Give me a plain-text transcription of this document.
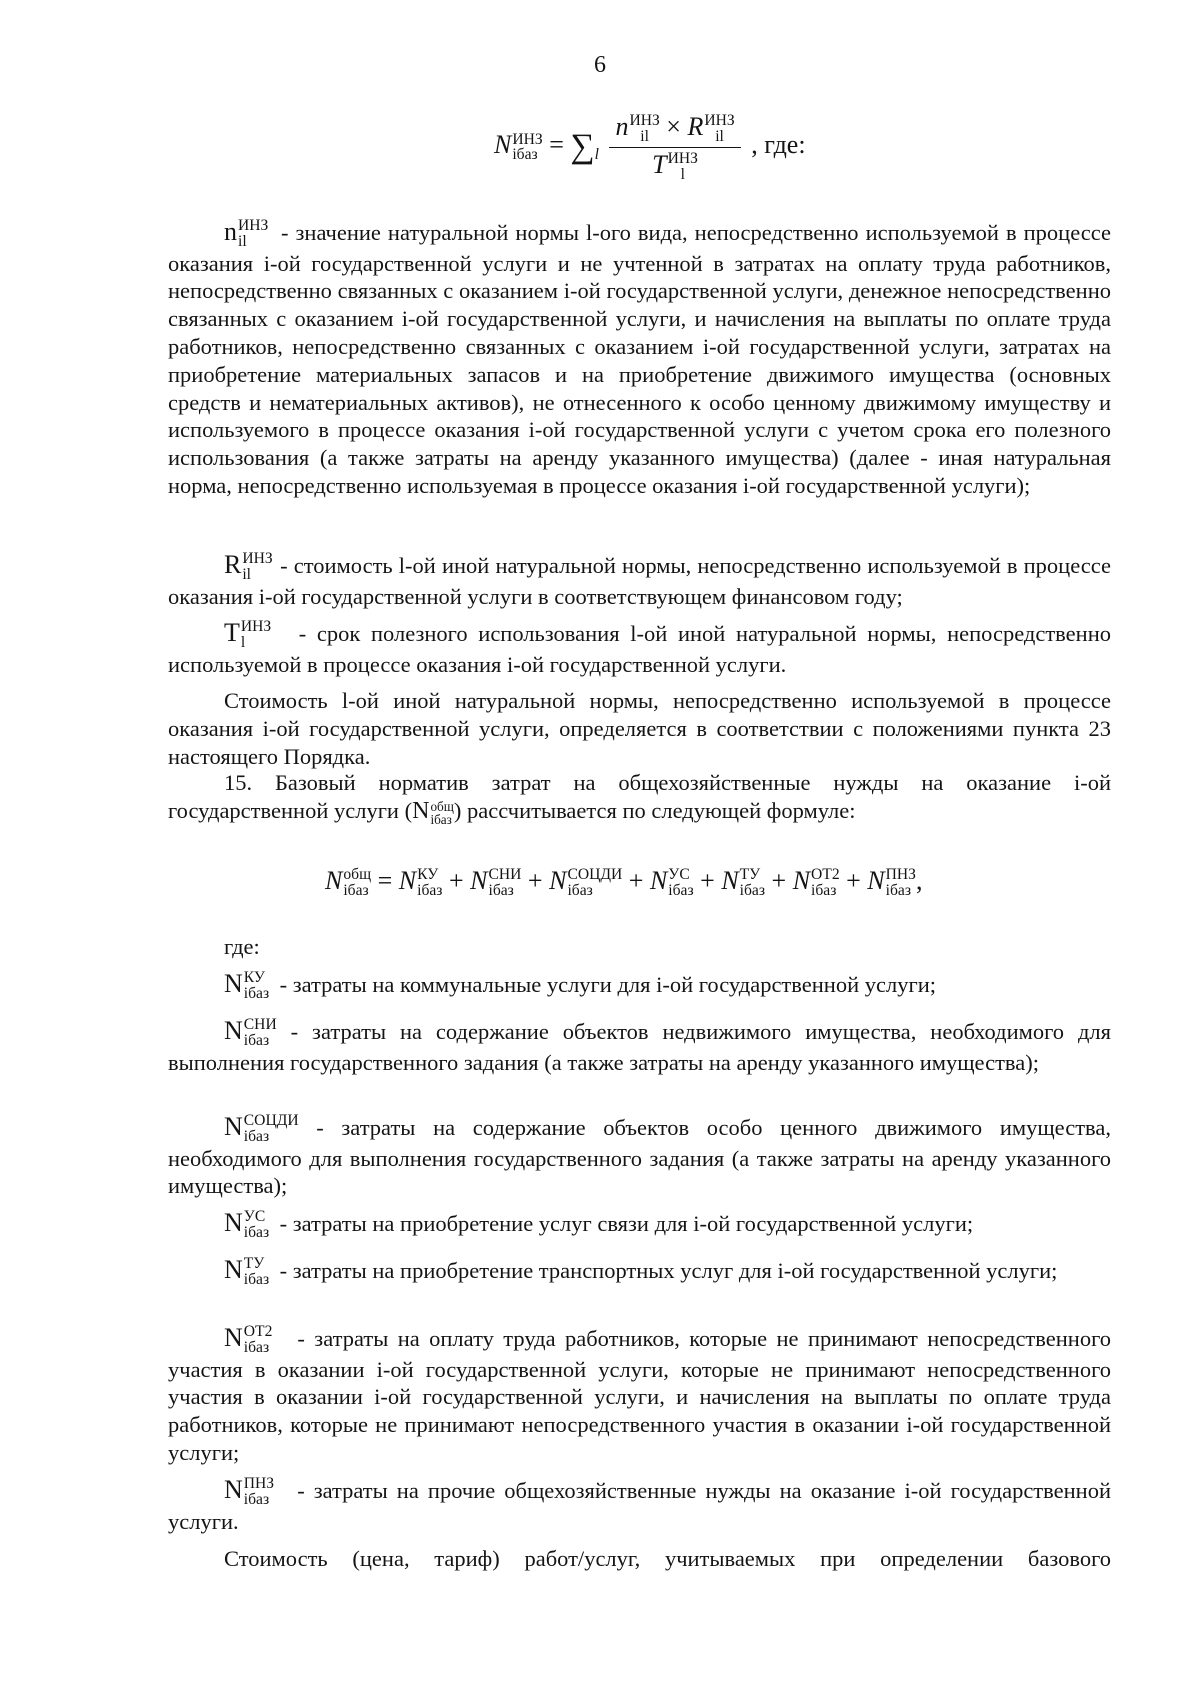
6
N ИНЗ
iбаз = $\sum_l$ n ИНЗ
il × R ИНЗ
il
T ИНЗ
l , где:
n ИНЗ
il	- значение натуральной нормы l-ого вида, непосредственно используемой в процессе оказания i-ой государственной услуги и не учтенной в затратах на оплату труда работников, непосредственно связанных с оказанием i-ой государственной услуги, денежное непосредственно связанных с оказанием i-ой государственной услуги, и начисления на выплаты по оплате труда работников, непосредственно связанных с оказанием i-ой государственной услуги, затратах на приобретение материальных запасов и на приобретение движимого имущества (основных средств и нематериальных активов), не отнесенного к особо ценному движимому имуществу и используемого в процессе оказания i-ой государственной услуги с учетом срока его полезного использования (а также затраты на аренду указанного имущества) (далее - иная натуральная норма, непосредственно используемая в процессе оказания i-ой государственной услуги);
R ИНЗ
il	- стоимость l-ой иной натуральной нормы, непосредственно используемой в процессе оказания i-ой государственной услуги в соответствующем финансовом году;
T ИНЗ
l	- срок полезного использования l-ой иной натуральной нормы, непосредственно используемой в процессе оказания i-ой государственной услуги.
Стоимость l-ой иной натуральной нормы, непосредственно используемой в процессе оказания i-ой государственной услуги, определяется в соответствии с положениями пункта 23 настоящего Порядка.
15. Базовый норматив затрат на общехозяйственные нужды на оказание i-ой государственной услуги (N общ
iбаз ) рассчитывается по следующей формуле:
N общ
iбаз = N КУ
iбаз + N СНИ
iбаз + N СОЦДИ
iбаз	+ N УС
iбаз + N ТУ
iбаз + N ОТ2
iбаз + N ПНЗ
iбаз ,
где:
N КУ
iбаз - затраты на коммунальные услуги для i-ой государственной услуги;
N СНИ
iбаз - затраты на содержание объектов недвижимого имущества, необходимого для выполнения государственного задания (а также затраты на аренду указанного имущества);
N СОЦДИ
iбаз	- затраты на содержание объектов особо ценного движимого имущества, необходимого для выполнения государственного задания (а также затраты на аренду указанного имущества);
N УС
iбаз - затраты на приобретение услуг связи для i-ой государственной услуги;
N ТУ
iбаз - затраты на приобретение транспортных услуг для i-ой государственной услуги;
N ОТ2
iбаз - затраты на оплату труда работников, которые не принимают непосредственного участия в оказании i-ой государственной услуги, которые не принимают непосредственного участия в оказании i-ой государственной услуги, и начисления на выплаты по оплате труда работников, которые не принимают непосредственного участия в оказании i-ой государственной услуги;
N ПНЗ
iбаз - затраты на прочие общехозяйственные нужды на оказание i-ой государственной услуги.
Стоимость (цена, тариф) работ/услуг, учитываемых при определении базового
